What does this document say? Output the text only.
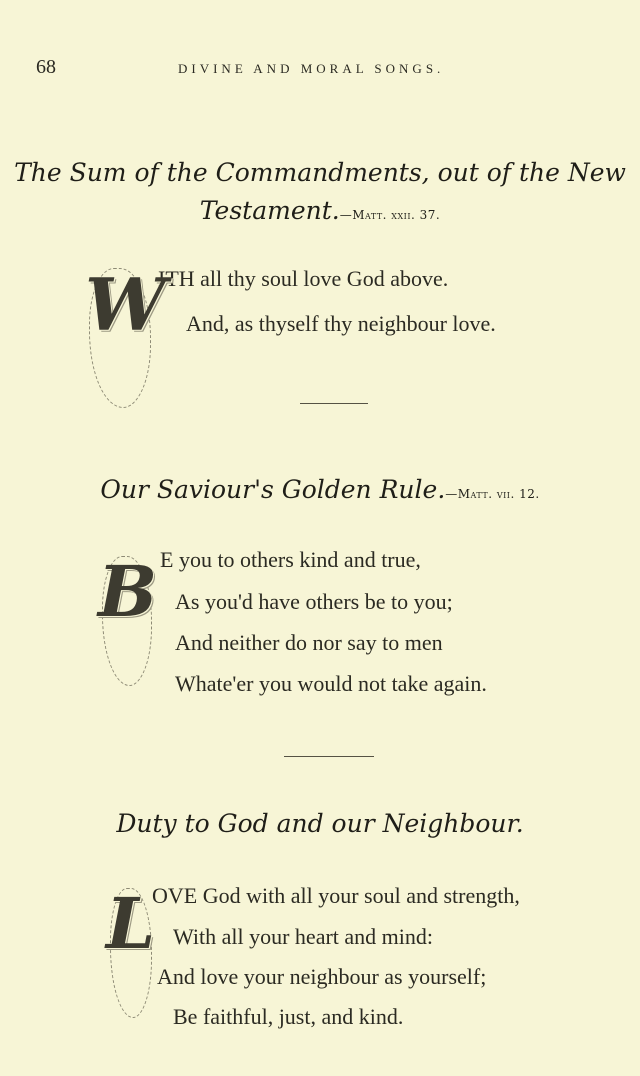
68	DIVINE AND MORAL SONGS.
The Sum of the Commandments, out of the New
Testament.—Matt. xxii. 37.
W
ITH all thy soul love God above.
And, as thyself thy neighbour love.
Our Saviour's Golden Rule.—Matt. vii. 12.
B E you to others kind and true,
As you'd have others be to you;
And neither do nor say to men
Whate'er you would not take again.
Duty to God and our Neighbour.
L
OVE God with all your soul and strength,
With all your heart and mind:
And love your neighbour as yourself;
Be faithful, just, and kind.
